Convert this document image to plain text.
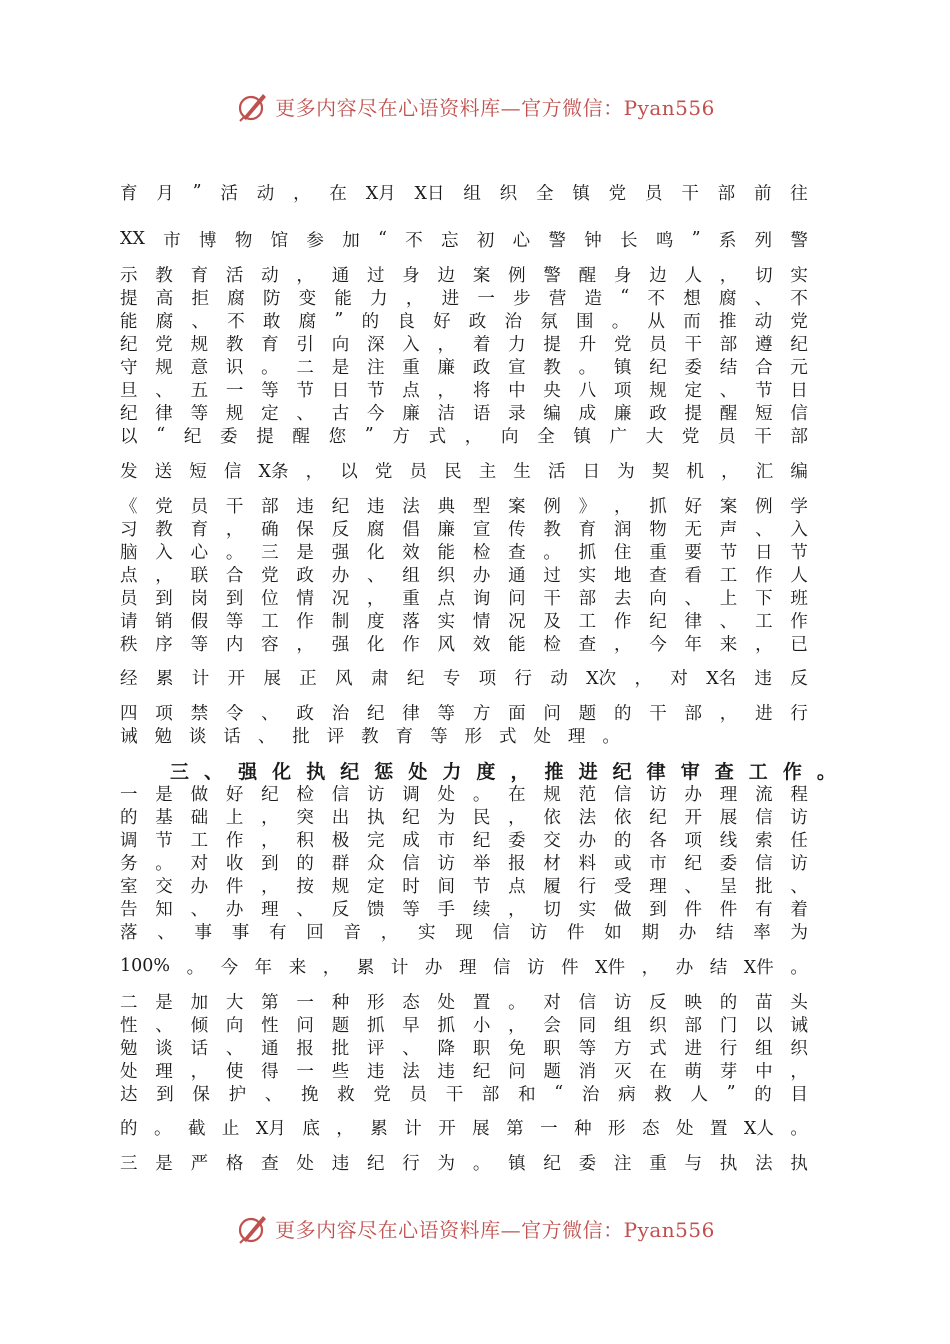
更多内容尽在心语资料库—官方微信：Pyan556
育 月 ” 活 动 ， 在 X月 X日 组 织 全 镇 党 员 干 部 前 往
XX 市 博 物 馆 参 加 “ 不 忘 初 心 警 钟 长 鸣 ” 系 列 警
示 教 育 活 动 ， 通 过 身 边 案 例 警 醒 身 边 人 ， 切 实
提 高 拒 腐 防 变 能 力 ， 进 一 步 营 造 “ 不 想 腐 、 不
能 腐 、 不 敢 腐 ” 的 良 好 政 治 氛 围 。 从 而 推 动 党
纪 党 规 教 育 引 向 深 入 ， 着 力 提 升 党 员 干 部 遵 纪
守 规 意 识 。 二 是 注 重 廉 政 宣 教 。 镇 纪 委 结 合 元
旦 、 五 一 等 节 日 节 点 ， 将 中 央 八 项 规 定 、 节 日
纪 律 等 规 定 、 古 今 廉 洁 语 录 编 成 廉 政 提 醒 短 信
以 “ 纪 委 提 醒 您 ” 方 式 ， 向 全 镇 广 大 党 员 干 部
发 送 短 信 X条 ， 以 党 员 民 主 生 活 日 为 契 机 ， 汇 编
《 党 员 干 部 违 纪 违 法 典 型 案 例 》 ， 抓 好 案 例 学
习 教 育 ， 确 保 反 腐 倡 廉 宣 传 教 育 润 物 无 声 、 入
脑 入 心 。 三 是 强 化 效 能 检 查 。 抓 住 重 要 节 日 节
点 ， 联 合 党 政 办 、 组 织 办 通 过 实 地 查 看 工 作 人
员 到 岗 到 位 情 况 ， 重 点 询 问 干 部 去 向 、 上 下 班
请 销 假 等 工 作 制 度 落 实 情 况 及 工 作 纪 律 、 工 作
秩 序 等 内 容 ， 强 化 作 风 效 能 检 查 ， 今 年 来 ， 已
经 累 计 开 展 正 风 肃 纪 专 项 行 动 X次 ， 对 X名 违 反
四 项 禁 令 、 政 治 纪 律 等 方 面 问 题 的 干 部 ， 进 行
诫 勉 谈 话 、 批 评 教 育 等 形 式 处 理 。
三 、 强 化 执 纪 惩 处 力 度 ， 推 进 纪 律 审 查 工 作 。
一 是 做 好 纪 检 信 访 调 处 。 在 规 范 信 访 办 理 流 程
的 基 础 上 ， 突 出 执 纪 为 民 ， 依 法 依 纪 开 展 信 访
调 节 工 作 ， 积 极 完 成 市 纪 委 交 办 的 各 项 线 索 任
务 。 对 收 到 的 群 众 信 访 举 报 材 料 或 市 纪 委 信 访
室 交 办 件 ， 按 规 定 时 间 节 点 履 行 受 理 、 呈 批 、
告 知 、 办 理 、 反 馈 等 手 续 ， 切 实 做 到 件 件 有 着
落 、 事 事 有 回 音 ， 实 现 信 访 件 如 期 办 结 率 为
100% 。 今 年 来 ， 累 计 办 理 信 访 件 X件 ， 办 结 X件 。
二 是 加 大 第 一 种 形 态 处 置 。 对 信 访 反 映 的 苗 头
性 、 倾 向 性 问 题 抓 早 抓 小 ， 会 同 组 织 部 门 以 诫
勉 谈 话 、 通 报 批 评 、 降 职 免 职 等 方 式 进 行 组 织
处 理 ， 使 得 一 些 违 法 违 纪 问 题 消 灭 在 萌 芽 中 ，
达 到 保 护 、 挽 救 党 员 干 部 和 “ 治 病 救 人 ” 的 目
的 。 截 止 X月 底 ， 累 计 开 展 第 一 种 形 态 处 置 X人 。
三 是 严 格 查 处 违 纪 行 为 。 镇 纪 委 注 重 与 执 法 执
更多内容尽在心语资料库—官方微信：Pyan556
